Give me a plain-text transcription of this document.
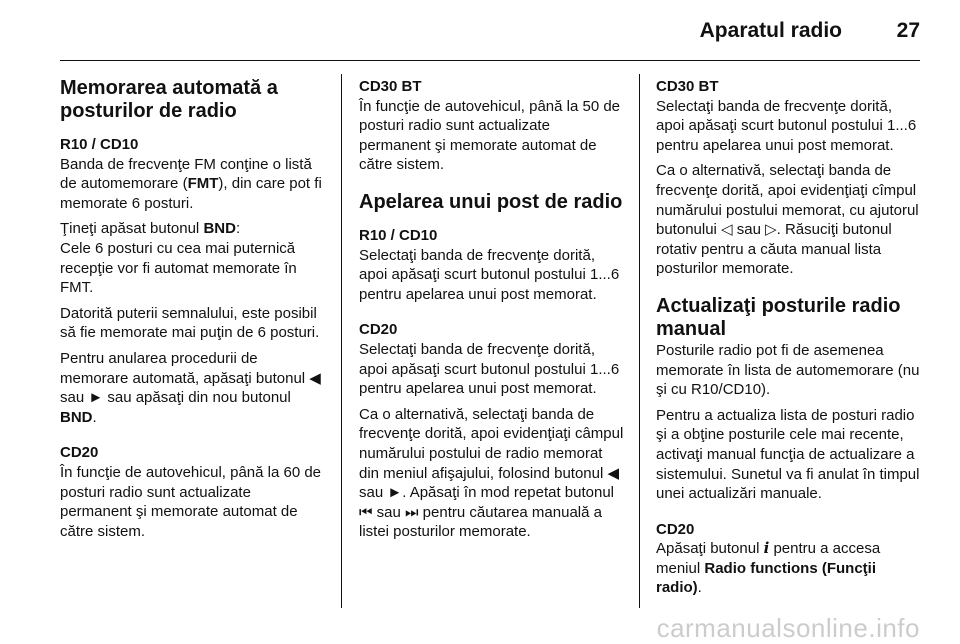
Aparatul radio	27
Memorarea automată a posturilor de radio
R10 / CD10

Banda de frecvenţe FM conţine o listă de automemorare (FMT), din care pot fi memorate 6 posturi.

Ţineţi apăsat butonul BND:
Cele 6 posturi cu cea mai puternică recepţie vor fi automat memorate în FMT.

Datorită puterii semnalului, este posibil să fie memorate mai puţin de 6 posturi.

Pentru anularea procedurii de memorare automată, apăsaţi butonul ◀ sau ► sau apăsaţi din nou butonul BND.

CD20

În funcţie de autovehicul, până la 60 de posturi radio sunt actualizate permanent şi memorate automat de către sistem.

CD30 BT

În funcţie de autovehicul, până la 50 de posturi radio sunt actualizate permanent şi memorate automat de către sistem.

Apelarea unui post de radio
R10 / CD10

Selectaţi banda de frecvenţe dorită, apoi apăsaţi scurt butonul postului 1...6 pentru apelarea unui post memorat.

CD20

Selectaţi banda de frecvenţe dorită, apoi apăsaţi scurt butonul postului 1...6 pentru apelarea unui post memorat.

Ca o alternativă, selectaţi banda de frecvenţe dorită, apoi evidenţiaţi câmpul numărului postului de radio memorat din meniul afişajului, folosind butonul ◀ sau ►. Apăsaţi în mod repetat butonul ⏮ sau ⏭ pentru căutarea manuală a listei posturilor memorate.

CD30 BT

Selectaţi banda de frecvenţe dorită, apoi apăsaţi scurt butonul postului 1...6 pentru apelarea unui post memorat.

Ca o alternativă, selectaţi banda de frecvenţe dorită, apoi evidenţiaţi cîmpul numărului postului memorat, cu ajutorul butonului ◁ sau ▷. Răsuciţi butonul rotativ pentru a căuta manual lista posturilor memorate.

Actualizaţi posturile radio manual

Posturile radio pot fi de asemenea memorate în lista de automemorare (nu şi cu R10/CD10).

Pentru a actualiza lista de posturi radio şi a obţine posturile cele mai recente, activaţi manual funcţia de actualizare a sistemului. Sunetul va fi anulat în timpul unei actualizări manuale.

CD20

Apăsaţi butonul i pentru a accesa meniul Radio functions (Funcţii radio).

carmanualsonline.info
